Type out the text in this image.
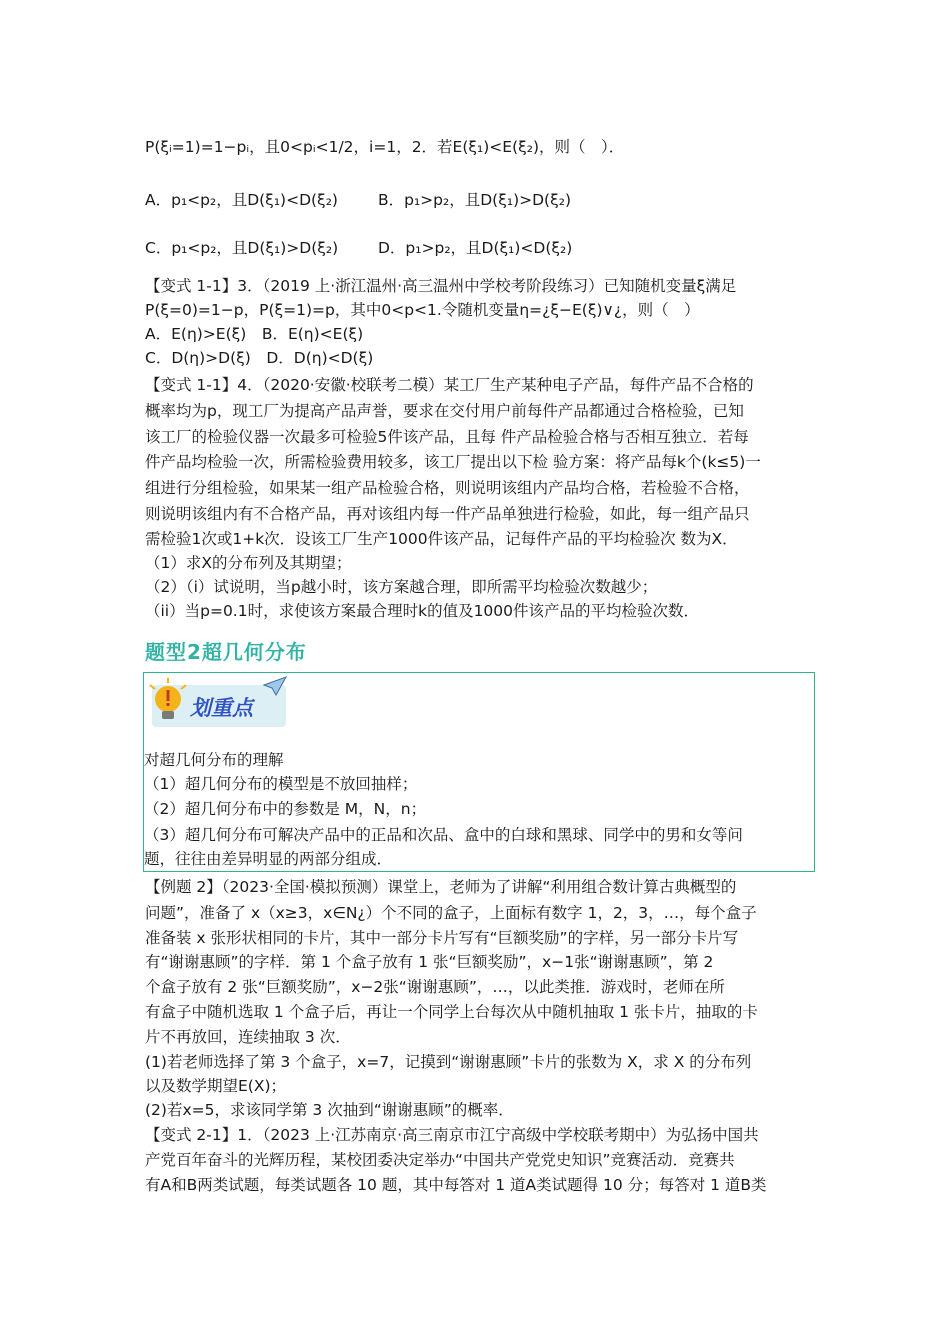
P(ξᵢ=1)=1−pᵢ，且0<pᵢ<1/2，i=1，2．若E(ξ₁)<E(ξ₂)，则（　）．
A．p₁<p₂，且D(ξ₁)<D(ξ₂)	B．p₁>p₂，且D(ξ₁)>D(ξ₂)
C．p₁<p₂，且D(ξ₁)>D(ξ₂)	D．p₁>p₂，且D(ξ₁)<D(ξ₂)
【变式 1-1】3．（2019 上·浙江温州·高三温州中学校考阶段练习）已知随机变量ξ满足
P(ξ=0)=1−p，P(ξ=1)=p，其中0<p<1.令随机变量η=¿ξ−E(ξ)∨¿，则（　）
A．E(η)>E(ξ)　B．E(η)<E(ξ)
C．D(η)>D(ξ)　D．D(η)<D(ξ)
【变式 1-1】4．（2020·安徽·校联考二模）某工厂生产某种电子产品，每件产品不合格的
概率均为p，现工厂为提高产品声誉，要求在交付用户前每件产品都通过合格检验，已知
该工厂的检验仪器一次最多可检验5件该产品，且每 件产品检验合格与否相互独立．若每
件产品均检验一次，所需检验费用较多，该工厂提出以下检 验方案：将产品每k个(k≤5)一
组进行分组检验，如果某一组产品检验合格，则说明该组内产品均合格，若检验不合格，
则说明该组内有不合格产品，再对该组内每一件产品单独进行检验，如此，每一组产品只
需检验1次或1+k次．设该工厂生产1000件该产品，记每件产品的平均检验次 数为X．
（1）求X的分布列及其期望；
（2）（i）试说明，当p越小时，该方案越合理，即所需平均检验次数越少；
（ii）当p=0.1时，求使该方案最合理时k的值及1000件该产品的平均检验次数．
题型2超几何分布
划重点
对超几何分布的理解
（1）超几何分布的模型是不放回抽样；
（2）超几何分布中的参数是 M，N，n；
（3）超几何分布可解决产品中的正品和次品、盒中的白球和黑球、同学中的男和女等问
题，往往由差异明显的两部分组成．
【例题 2】（2023·全国·模拟预测）课堂上，老师为了讲解“利用组合数计算古典概型的
问题”，准备了 x（x≥3，x∈N¿）个不同的盒子，上面标有数字 1，2，3，…，每个盒子
准备装 x 张形状相同的卡片，其中一部分卡片写有“巨额奖励”的字样，另一部分卡片写
有“谢谢惠顾”的字样．第 1 个盒子放有 1 张“巨额奖励”，x−1张“谢谢惠顾”，第 2
个盒子放有 2 张“巨额奖励”，x−2张“谢谢惠顾”，…，以此类推．游戏时，老师在所
有盒子中随机选取 1 个盒子后，再让一个同学上台每次从中随机抽取 1 张卡片，抽取的卡
片不再放回，连续抽取 3 次．
(1)若老师选择了第 3 个盒子，x=7，记摸到“谢谢惠顾”卡片的张数为 X，求 X 的分布列
以及数学期望E(X)；
(2)若x=5，求该同学第 3 次抽到“谢谢惠顾”的概率．
【变式 2-1】1．（2023 上·江苏南京·高三南京市江宁高级中学校联考期中）为弘扬中国共
产党百年奋斗的光辉历程，某校团委决定举办“中国共产党党史知识”竞赛活动．竞赛共
有A和B两类试题，每类试题各 10 题，其中每答对 1 道A类试题得 10 分；每答对 1 道B类
